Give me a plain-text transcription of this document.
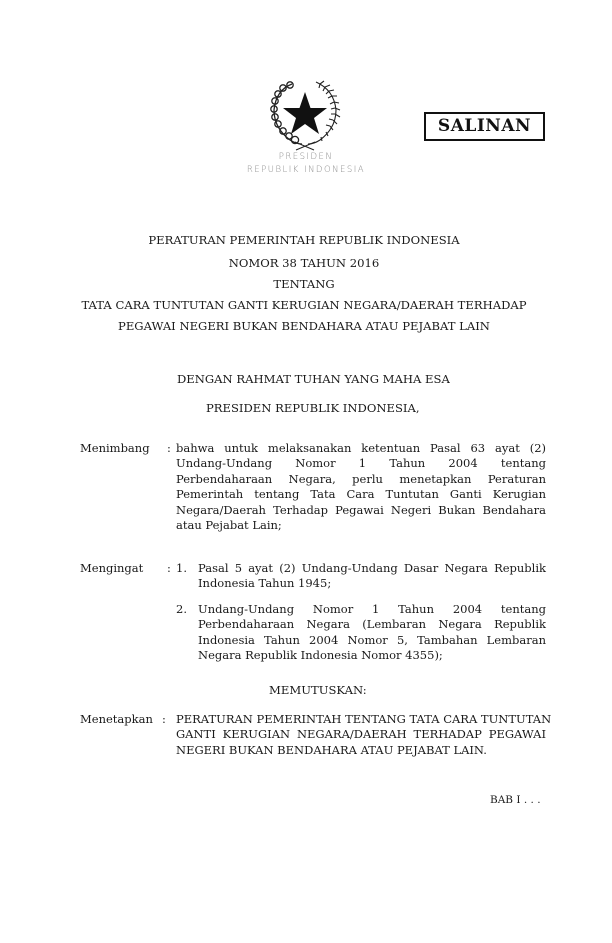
SALINAN
PRESIDEN
REPUBLIK INDONESIA
PERATURAN PEMERINTAH REPUBLIK INDONESIA
NOMOR 38 TAHUN 2016
TENTANG
TATA CARA TUNTUTAN GANTI KERUGIAN NEGARA/DAERAH TERHADAP
PEGAWAI NEGERI BUKAN BENDAHARA ATAU PEJABAT LAIN
DENGAN RAHMAT TUHAN YANG MAHA ESA
PRESIDEN REPUBLIK INDONESIA,
Menimbang : bahwa untuk melaksanakan ketentuan Pasal 63 ayat (2)
Undang-Undang Nomor 1 Tahun 2004 tentang
Perbendaharaan Negara, perlu menetapkan Peraturan
Pemerintah tentang Tata Cara Tuntutan Ganti Kerugian
Negara/Daerah Terhadap Pegawai Negeri Bukan Bendahara
atau Pejabat Lain;
Mengingat : 1. Pasal 5 ayat (2) Undang-Undang Dasar Negara Republik
Indonesia Tahun 1945;
2. Undang-Undang Nomor 1 Tahun 2004 tentang
Perbendaharaan Negara (Lembaran Negara Republik
Indonesia Tahun 2004 Nomor 5, Tambahan Lembaran
Negara Republik Indonesia Nomor 4355);
MEMUTUSKAN:
Menetapkan : PERATURAN PEMERINTAH TENTANG TATA CARA TUNTUTAN
GANTI KERUGIAN NEGARA/DAERAH TERHADAP PEGAWAI
NEGERI BUKAN BENDAHARA ATAU PEJABAT LAIN.
BAB I . . .
